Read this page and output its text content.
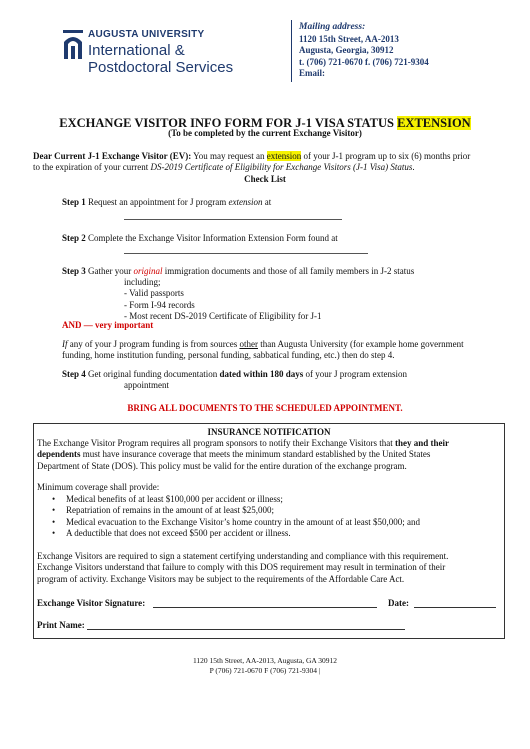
AUGUSTA UNIVERSITY
International &
Postdoctoral Services
Mailing address:
1120 15th Street, AA-2013
Augusta, Georgia, 30912
t. (706) 721-0670 f. (706) 721-9304
Email:
EXCHANGE VISITOR INFO FORM FOR J-1 VISA STATUS EXTENSION
(To be completed by the current Exchange Visitor)
Dear Current J-1 Exchange Visitor (EV): You may request an extension of your J-1 program up to six (6) months prior
to the expiration of your current DS-2019 Certificate of Eligibility for Exchange Visitors (J-1 Visa) Status.
Check List
Step 1 Request an appointment for J program extension at
Step 2 Complete the Exchange Visitor Information Extension Form found at
Step 3 Gather your original immigration documents and those of all family members in J-2 status
including;
- Valid passports
- Form I-94 records
- Most recent DS-2019 Certificate of Eligibility for J-1
AND — very important
If any of your J program funding is from sources other than Augusta University (for example home government
funding, home institution funding, personal funding, sabbatical funding, etc.) then do step 4.
Step 4 Get original funding documentation dated within 180 days of your J program extension
appointment
BRING ALL DOCUMENTS TO THE SCHEDULED APPOINTMENT.
INSURANCE NOTIFICATION
The Exchange Visitor Program requires all program sponsors to notify their Exchange Visitors that they and their
dependents must have insurance coverage that meets the minimum standard established by the United States
Department of State (DOS). This policy must be valid for the entire duration of the exchange program.
Minimum coverage shall provide:
• Medical benefits of at least $100,000 per accident or illness;
• Repatriation of remains in the amount of at least $25,000;
• Medical evacuation to the Exchange Visitor’s home country in the amount of at least $50,000; and
• A deductible that does not exceed $500 per accident or illness.
Exchange Visitors are required to sign a statement certifying understanding and compliance with this requirement.
Exchange Visitors understand that failure to comply with this DOS requirement may result in termination of their
program of activity. Exchange Visitors may be subject to the requirements of the Affordable Care Act.
Exchange Visitor Signature:	Date:
Print Name:
1120 15th Street, AA-2013, Augusta, GA 30912
P (706) 721-0670 F (706) 721-9304 |
